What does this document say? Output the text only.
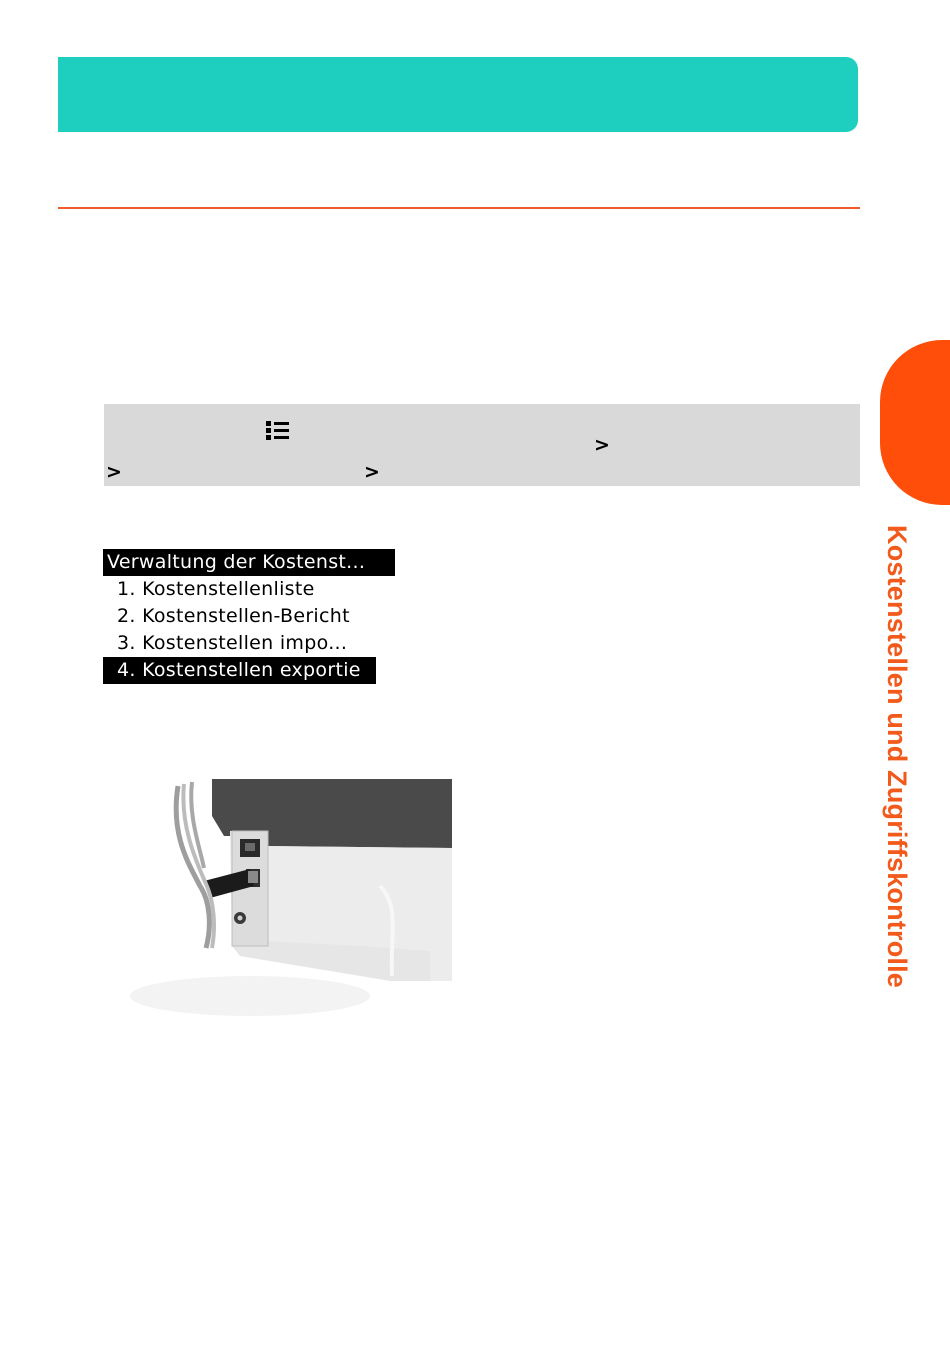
>
>	>
Verwaltung der Kostenst...
1. Kostenstellenliste
2. Kostenstellen-Bericht
3. Kostenstellen impo...
4. Kostenstellen exportie	Kostenstellen und Zugriffskontrolle
